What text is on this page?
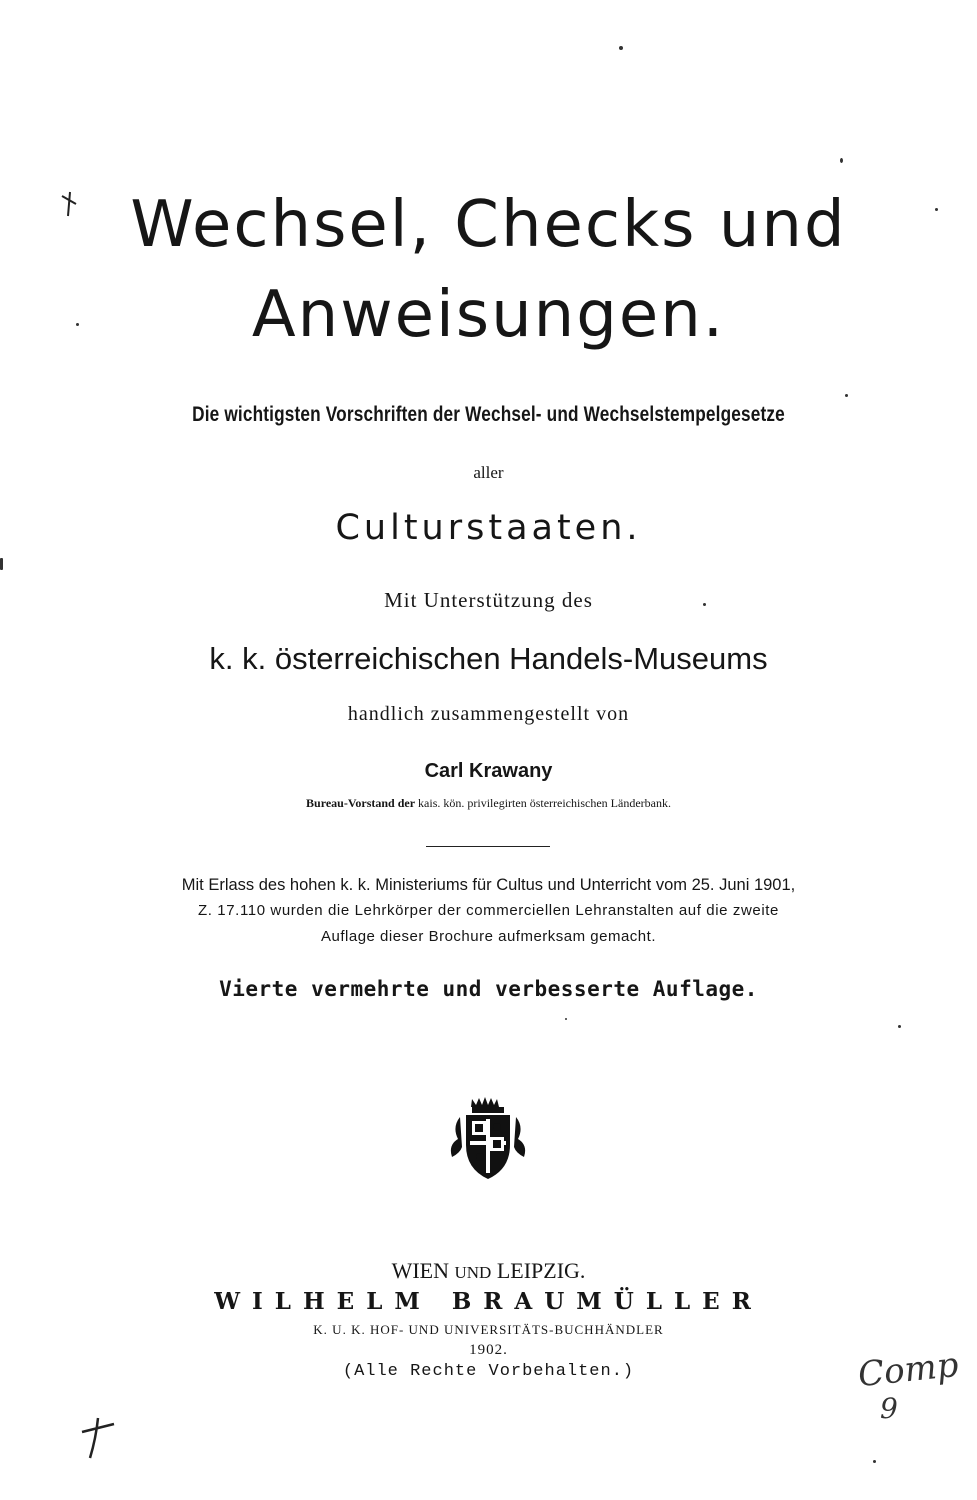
Wechsel, Checks und
Anweisungen.
Die wichtigsten Vorschriften der Wechsel- und Wechselstempelgesetze
aller
Culturstaaten.
Mit Unterstützung des
k. k. österreichischen Handels-Museums
handlich zusammengestellt von
Carl Krawany
Bureau-Vorstand der kais. kön. privilegirten österreichischen Länderbank.
Mit Erlass des hohen k. k. Ministeriums für Cultus und Unterricht vom 25. Juni 1901,
Z. 17.110 wurden die Lehrkörper der commerciellen Lehranstalten auf die zweite
Auflage dieser Brochure aufmerksam gemacht.
Vierte vermehrte und verbesserte Auflage.
WIEN UND LEIPZIG.
WILHELM BRAUMÜLLER
K. U. K. HOF- UND UNIVERSITÄTS-BUCHHÄNDLER
1902.
(Alle Rechte Vorbehalten.)	Comp
9
